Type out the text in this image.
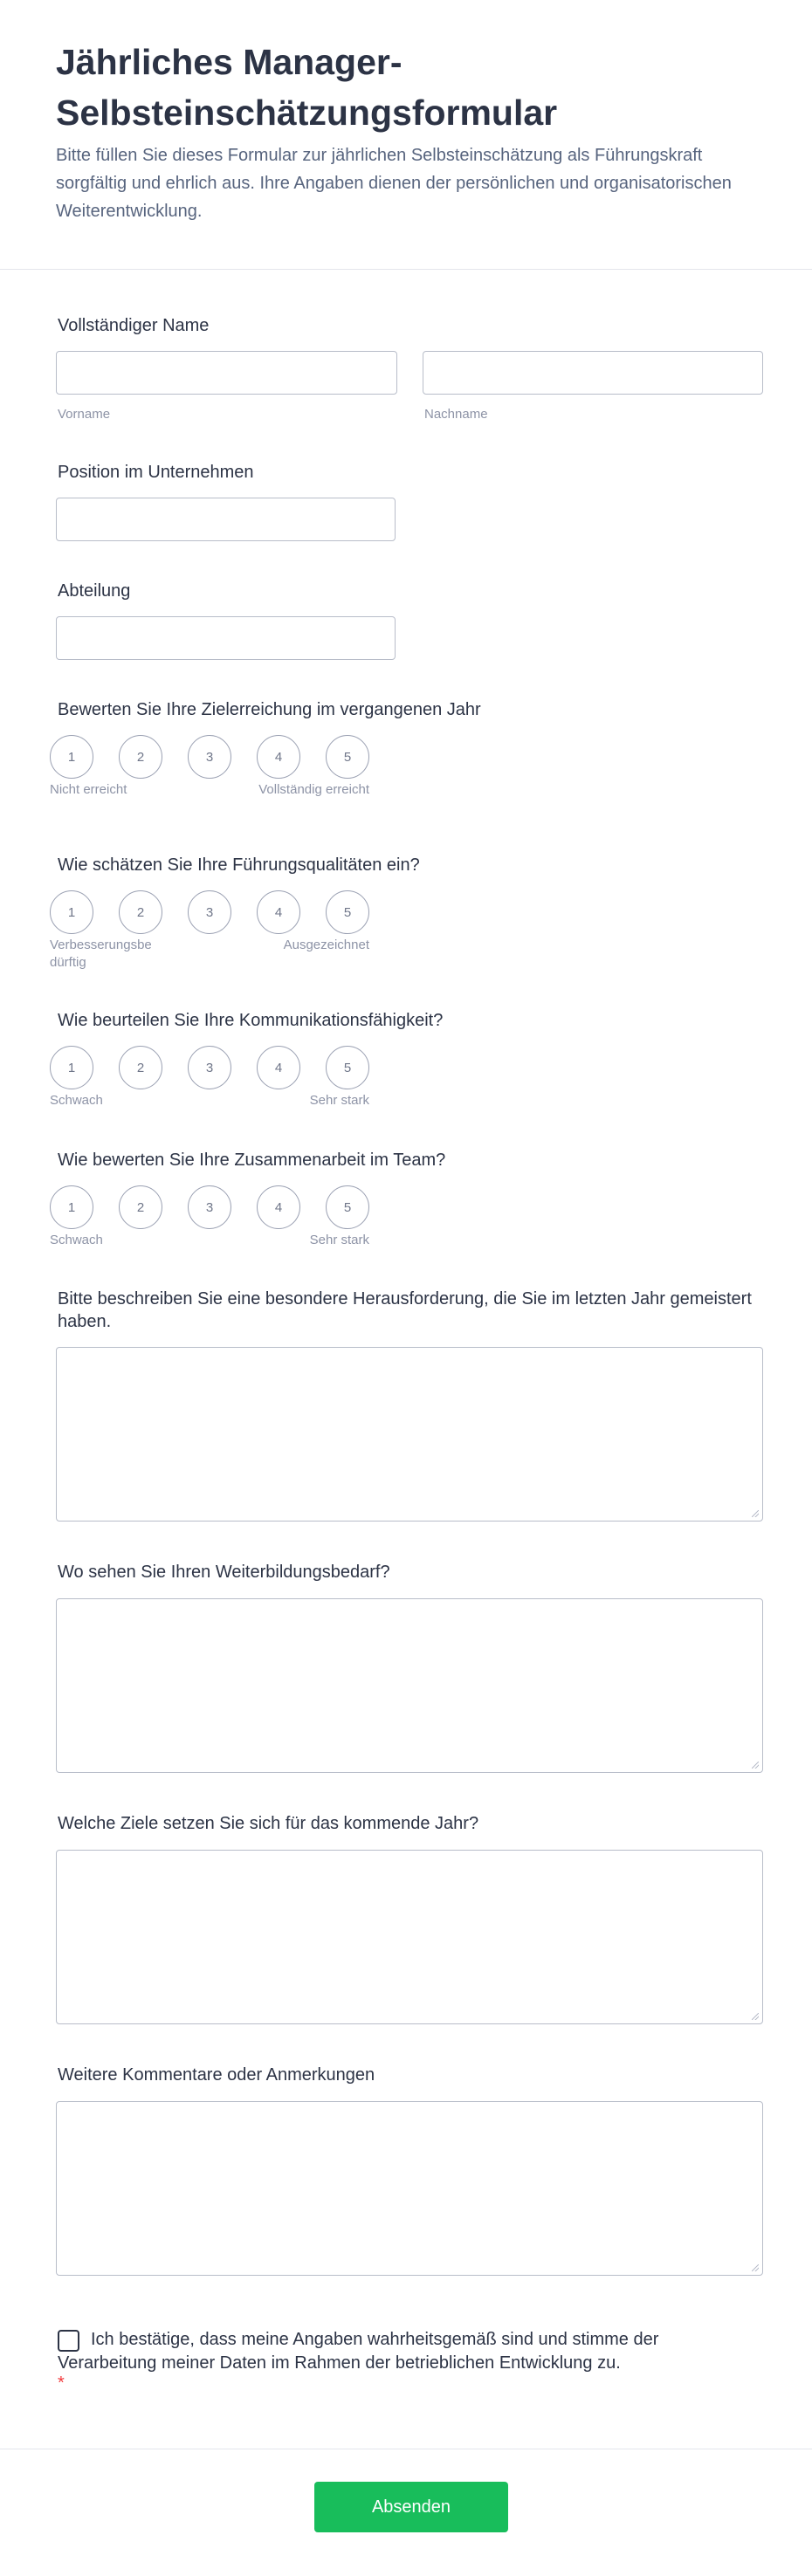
Jährliches Manager-Selbsteinschätzungsformular

Bitte füllen Sie dieses Formular zur jährlichen Selbsteinschätzung als Führungskraft sorgfältig und ehrlich aus. Ihre Angaben dienen der persönlichen und organisatorischen Weiterentwicklung.

Vollständiger Name
Vorname	Nachname
Position im Unternehmen
Abteilung
Bewerten Sie Ihre Zielerreichung im vergangenen Jahr
1	2	3	4	5
Nicht erreicht	Vollständig erreicht
Wie schätzen Sie Ihre Führungsqualitäten ein?
1	2	3	4	5
Verbesserungsbedürftig
Ausgezeichnet
Wie beurteilen Sie Ihre Kommunikationsfähigkeit?
1	2	3	4	5
Schwach	Sehr stark
Wie bewerten Sie Ihre Zusammenarbeit im Team?
1	2	3	4	5
Schwach	Sehr stark
Bitte beschreiben Sie eine besondere Herausforderung, die Sie im letzten Jahr gemeistert haben.
Wo sehen Sie Ihren Weiterbildungsbedarf?
Welche Ziele setzen Sie sich für das kommende Jahr?
Weitere Kommentare oder Anmerkungen
Ich bestätige, dass meine Angaben wahrheitsgemäß sind und stimme der Verarbeitung meiner Daten im Rahmen der betrieblichen Entwicklung zu.
*
Absenden
